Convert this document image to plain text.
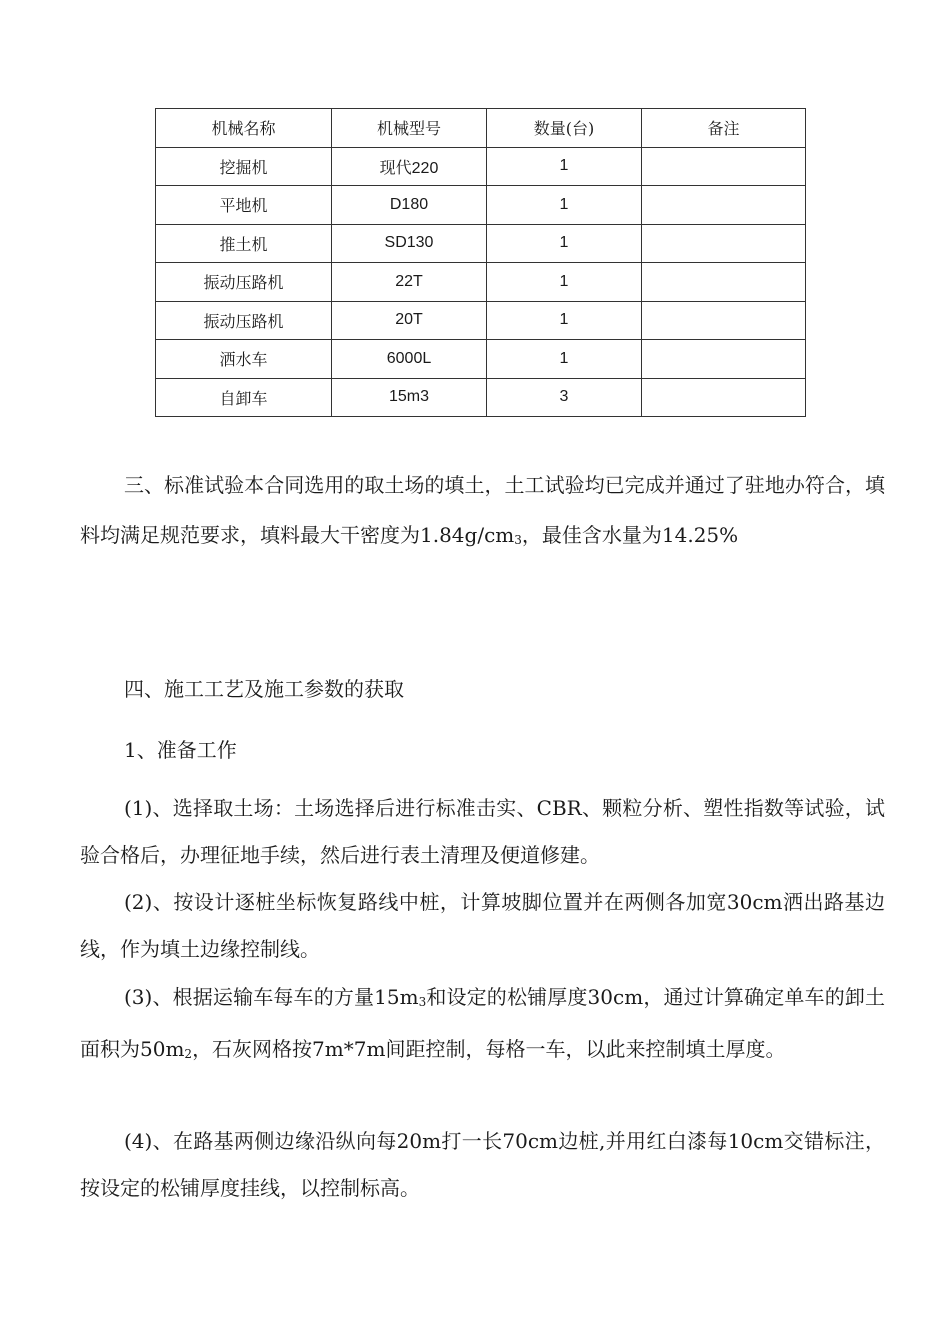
机械名称	机械型号	数量(台)	备注
挖掘机	现代220	1	
平地机	D180	1	
推土机	SD130	1	
振动压路机	22T	1	
振动压路机	20T	1	
洒水车	6000L	1	
自卸车	15m3	3	

三、标准试验本合同选用的取土场的填土，土工试验均已完成并通过了驻地办符合，填料均满足规范要求，填料最大干密度为$1.84g/cm_3$，最佳含水量为14.25%

四、施工工艺及施工参数的获取

1、准备工作

(1)、选择取土场：土场选择后进行标准击实、CBR、颗粒分析、塑性指数等试验，试验合格后，办理征地手续，然后进行表土清理及便道修建。

(2)、按设计逐桩坐标恢复路线中桩，计算坡脚位置并在两侧各加宽30cm洒出路基边线，作为填土边缘控制线。

(3)、根据运输车每车的方量$15m_3$和设定的松铺厚度30cm，通过计算确定单车的卸土面积为$50m_2$，石灰网格按7m*7m间距控制，每格一车，以此来控制填土厚度。

(4)、在路基两侧边缘沿纵向每20m打一长70cm边桩,并用红白漆每10cm交错标注，按设定的松铺厚度挂线，以控制标高。
